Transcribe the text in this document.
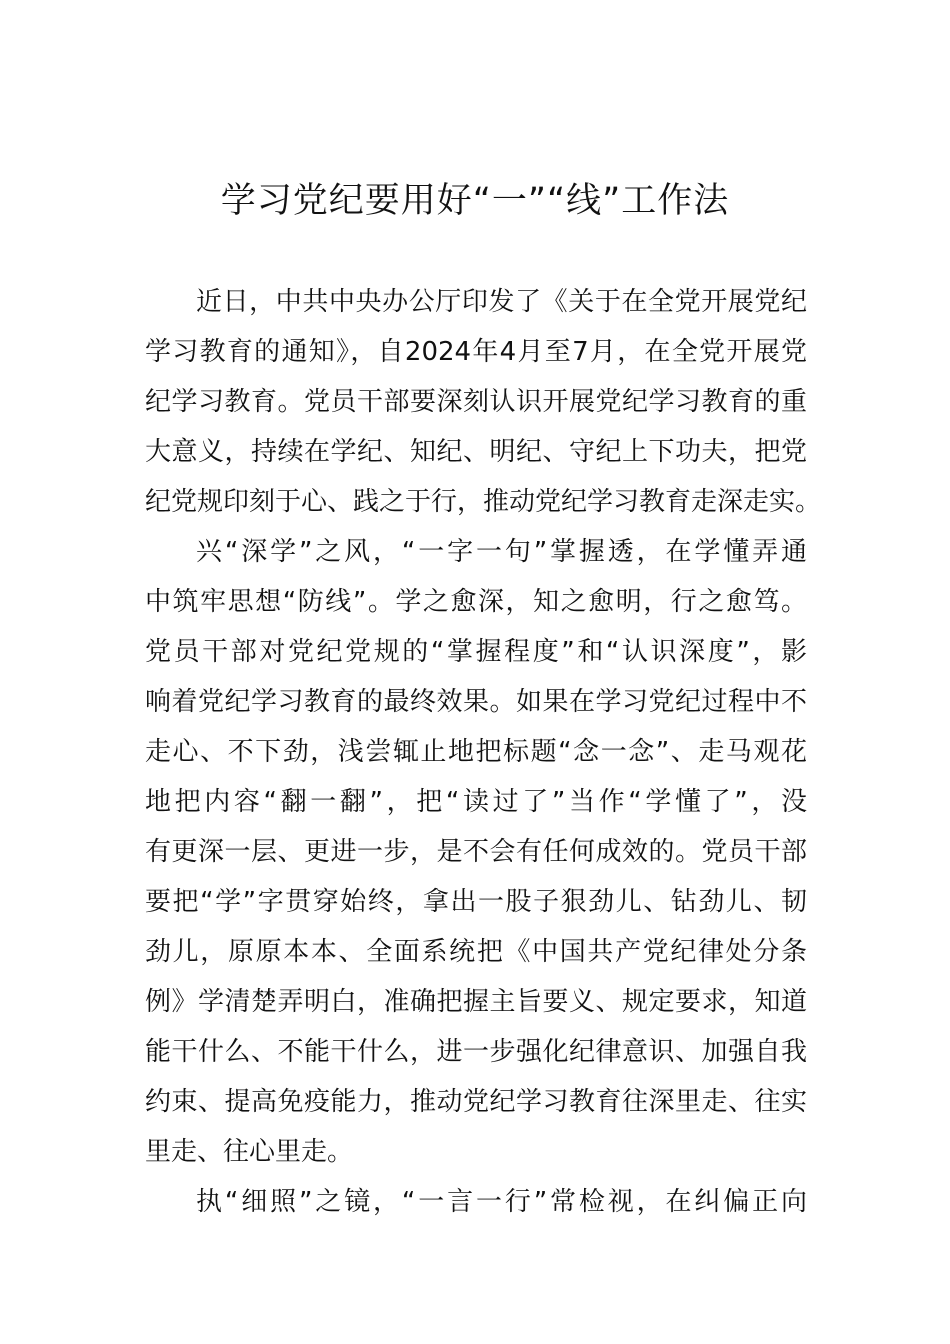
学习党纪要用好“一”“线”工作法
近日，中共中央办公厅印发了《关于在全党开展党纪
学习教育的通知》，自2024年4月至7月，在全党开展党
纪学习教育。党员干部要深刻认识开展党纪学习教育的重
大意义，持续在学纪、知纪、明纪、守纪上下功夫，把党
纪党规印刻于心、践之于行，推动党纪学习教育走深走实。
兴“深学”之风，“一字一句”掌握透，在学懂弄通
中筑牢思想“防线”。学之愈深，知之愈明，行之愈笃。
党员干部对党纪党规的“掌握程度”和“认识深度”，影
响着党纪学习教育的最终效果。如果在学习党纪过程中不
走心、不下劲，浅尝辄止地把标题“念一念”、走马观花
地把内容“翻一翻”，把“读过了”当作“学懂了”，没
有更深一层、更进一步，是不会有任何成效的。党员干部
要把“学”字贯穿始终，拿出一股子狠劲儿、钻劲儿、韧
劲儿，原原本本、全面系统把《中国共产党纪律处分条
例》学清楚弄明白，准确把握主旨要义、规定要求，知道
能干什么、不能干什么，进一步强化纪律意识、加强自我
约束、提高免疫能力，推动党纪学习教育往深里走、往实
里走、往心里走。
执“细照”之镜，“一言一行”常检视，在纠偏正向
